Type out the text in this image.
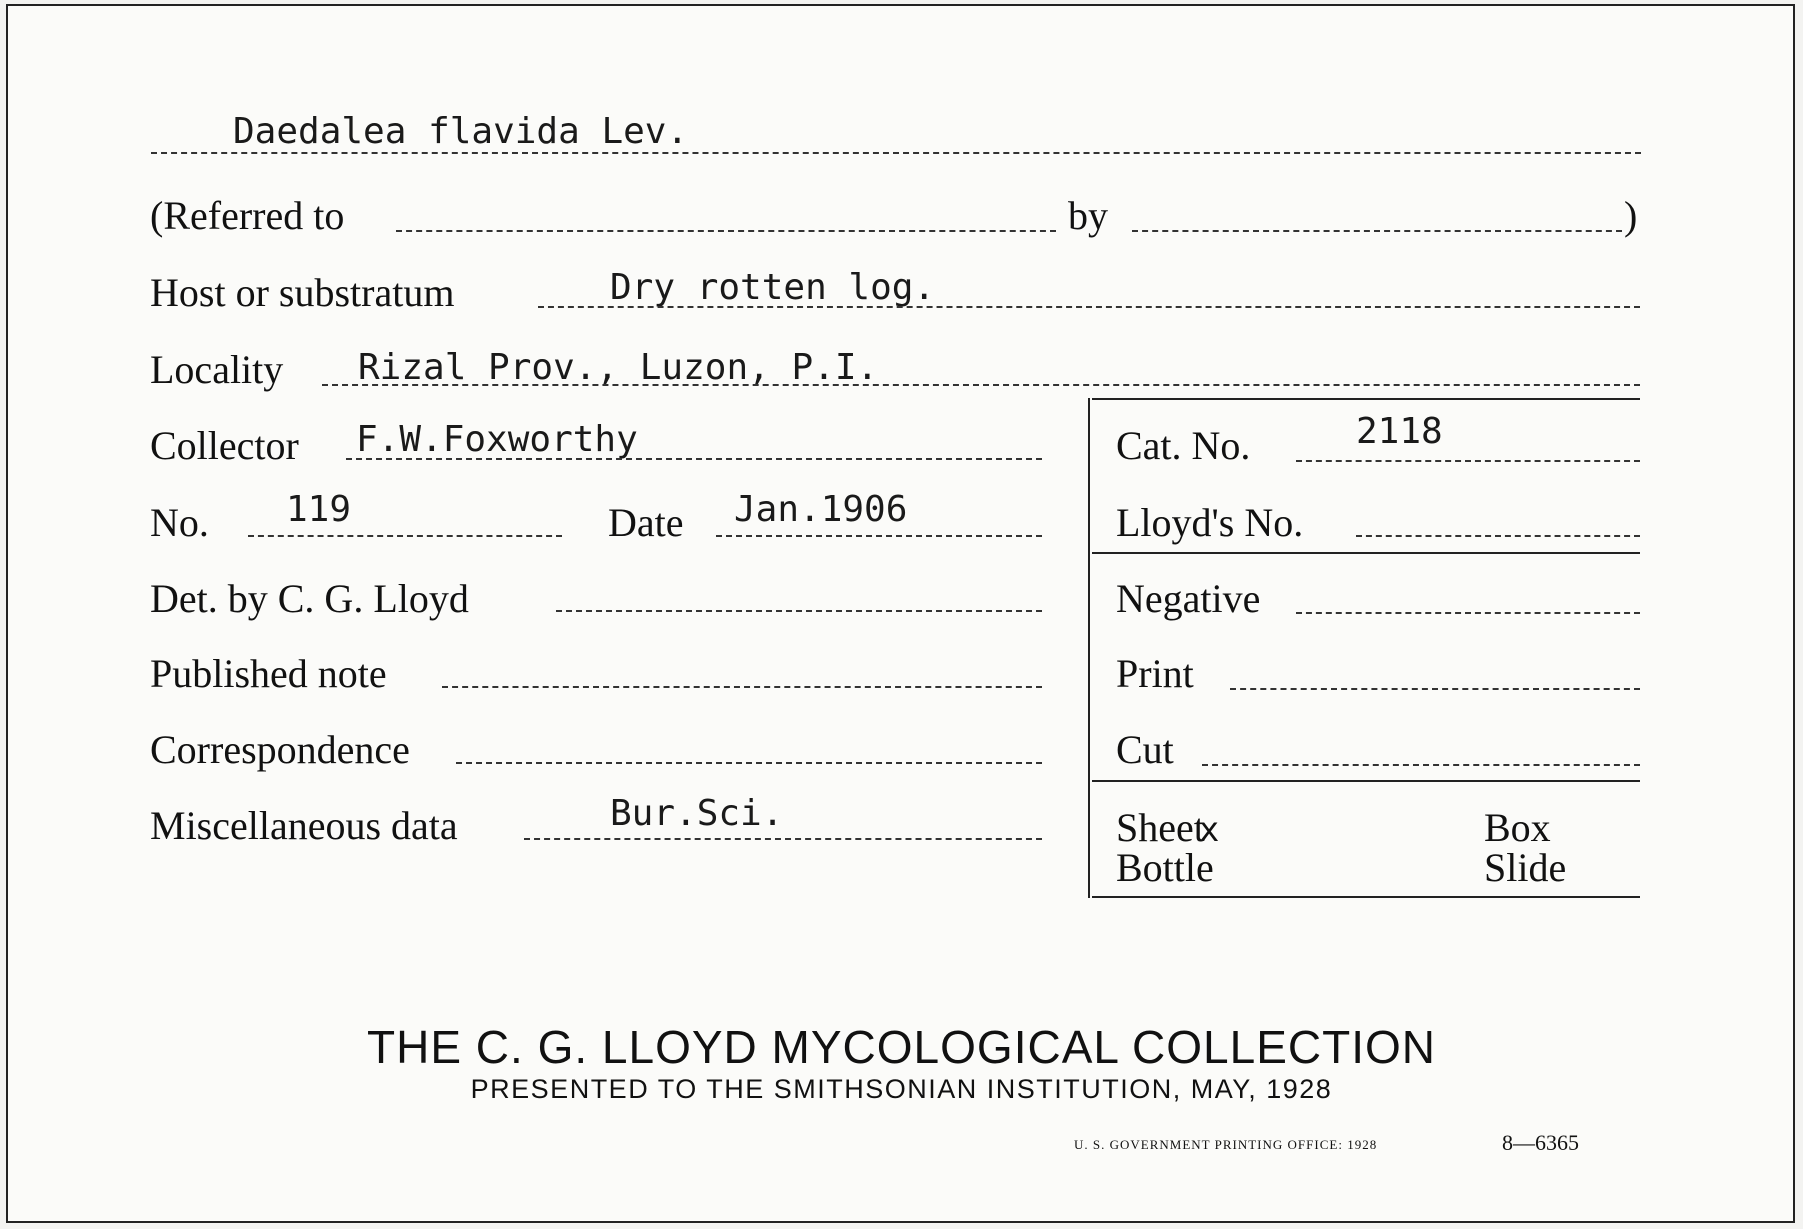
Daedalea flavida Lev.
(Referred to	by	)
Host or substratum	Dry rotten log.
Locality Rizal Prov., Luzon, P.I.
Collector F.W.Foxworthy	Cat. No.	2118
No. 119	Date Jan.1906	Lloyd's No.
Det. by C. G. Lloyd	Negative
Published note	Print
Correspondence	Cut
Miscellaneous data	Bur.Sci.	Sheetx	Box
Bottle	Slide
THE C. G. LLOYD MYCOLOGICAL COLLECTION
PRESENTED TO THE SMITHSONIAN INSTITUTION, MAY, 1928
U. S. GOVERNMENT PRINTING OFFICE: 1928	8—6365
